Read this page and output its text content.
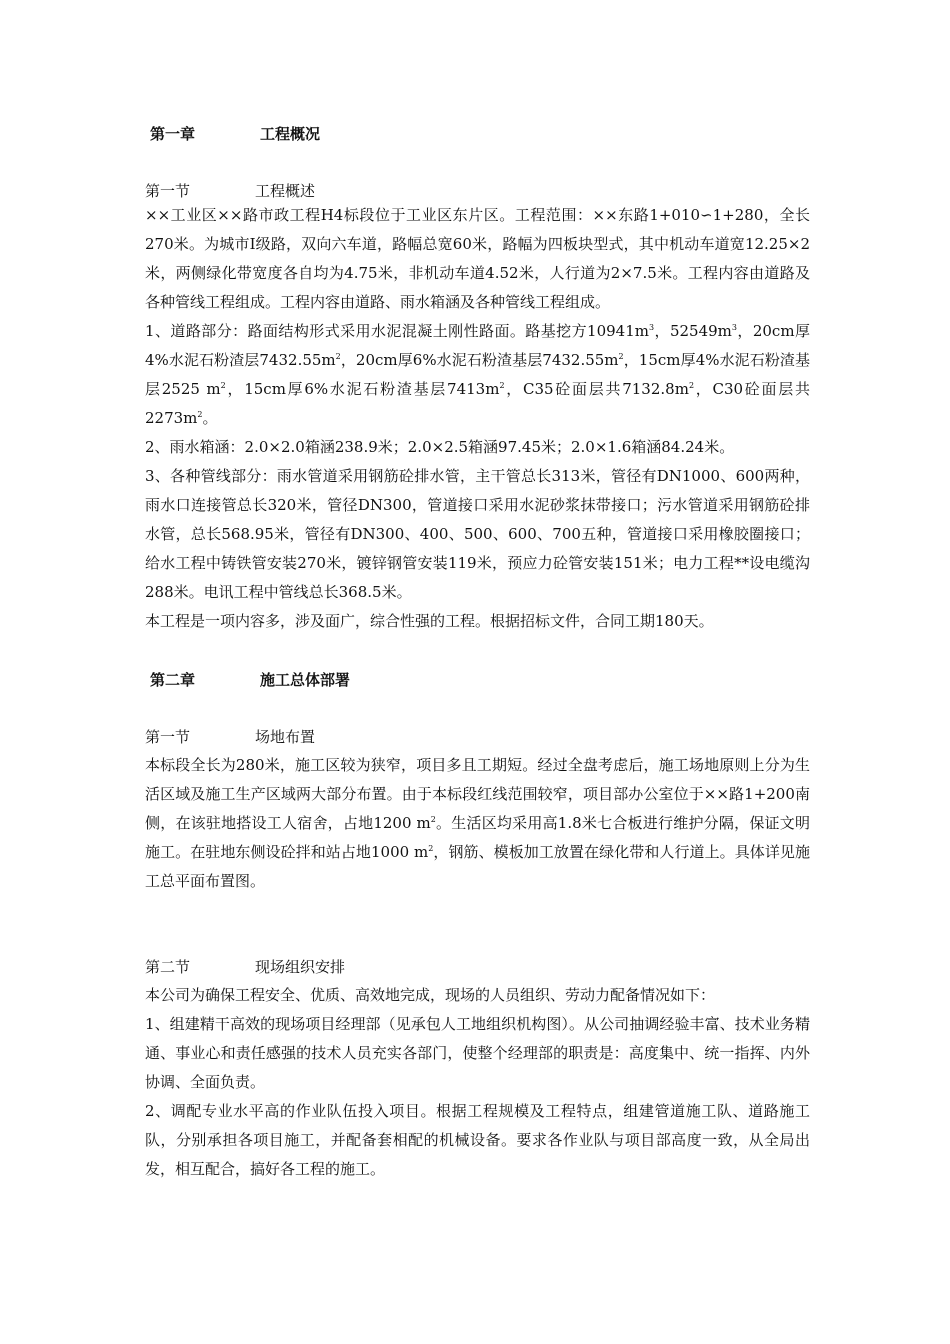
第一章	工程概况
第一节	工程概述

××工业区××路市政工程H4标段位于工业区东片区。工程范围：××东路1+010∽1+280，全长270米。为城市Ⅰ级路，双向六车道，路幅总宽60米，路幅为四板块型式，其中机动车道宽12.25×2米，两侧绿化带宽度各自均为4.75米，非机动车道4.52米，人行道为2×7.5米。工程内容由道路及各种管线工程组成。工程内容由道路、雨水箱涵及各种管线工程组成。

1、道路部分：路面结构形式采用水泥混凝土刚性路面。路基挖方$10941m^3$，$52549m^3$，20cm厚4%水泥石粉渣层$7432.55m^2$，20cm厚6%水泥石粉渣基层$7432.55m^2$，15cm厚4%水泥石粉渣基层2525 $m^2$，15cm厚6%水泥石粉渣基层$7413m^2$，C35砼面层共$7132.8m^2$，C30砼面层共$2273m^2$。

2、雨水箱涵：2.0×2.0箱涵238.9米；2.0×2.5箱涵97.45米；2.0×1.6箱涵84.24米。

3、各种管线部分：雨水管道采用钢筋砼排水管，主干管总长313米，管径有DN1000、600两种，雨水口连接管总长320米，管径DN300，管道接口采用水泥砂浆抹带接口；污水管道采用钢筋砼排水管，总长568.95米，管径有DN300、400、500、600、700五种，管道接口采用橡胶圈接口；给水工程中铸铁管安装270米，镀锌钢管安装119米，预应力砼管安装151米；电力工程**设电缆沟288米。电讯工程中管线总长368.5米。

本工程是一项内容多，涉及面广，综合性强的工程。根据招标文件，合同工期180天。

第二章	施工总体部署
第一节	场地布置

本标段全长为280米，施工区较为狭窄，项目多且工期短。经过全盘考虑后，施工场地原则上分为生活区域及施工生产区域两大部分布置。由于本标段红线范围较窄，项目部办公室位于××路1+200南侧，在该驻地搭设工人宿舍，占地1200 $m^2$。生活区均采用高1.8米七合板进行维护分隔，保证文明施工。在驻地东侧设砼拌和站占地1000 $m^2$，钢筋、模板加工放置在绿化带和人行道上。具体详见施工总平面布置图。

第二节	现场组织安排

本公司为确保工程安全、优质、高效地完成，现场的人员组织、劳动力配备情况如下：

1、组建精干高效的现场项目经理部（见承包人工地组织机构图）。从公司抽调经验丰富、技术业务精通、事业心和责任感强的技术人员充实各部门，使整个经理部的职责是：高度集中、统一指挥、内外协调、全面负责。

2、调配专业水平高的作业队伍投入项目。根据工程规模及工程特点，组建管道施工队、道路施工队，分别承担各项目施工，并配备套相配的机械设备。要求各作业队与项目部高度一致，从全局出发，相互配合，搞好各工程的施工。
